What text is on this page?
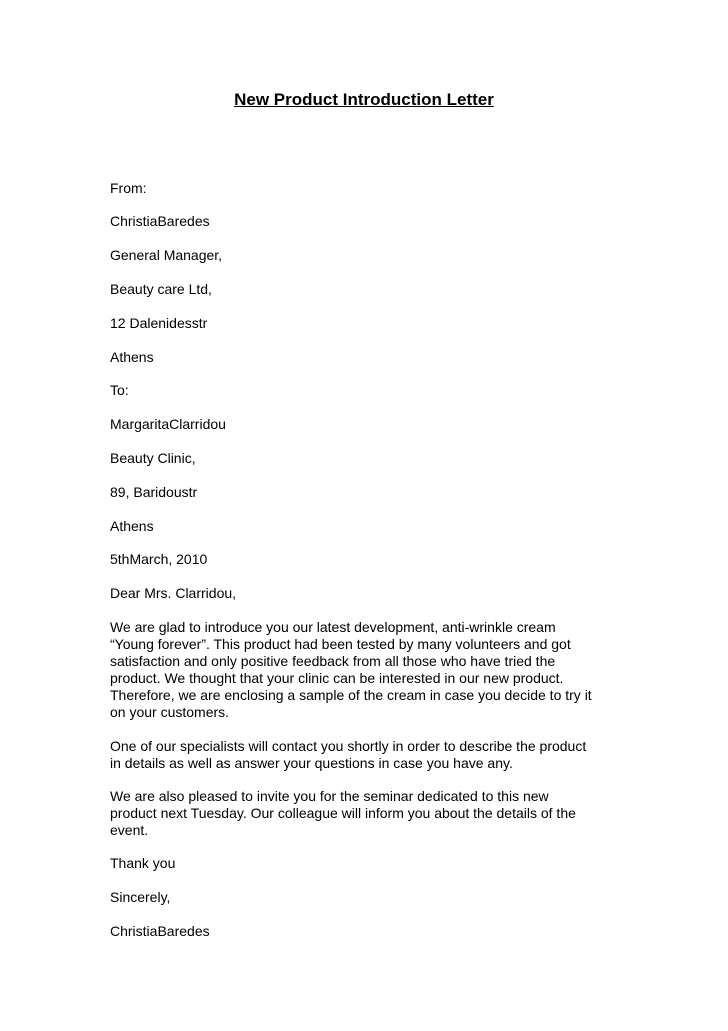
New Product Introduction Letter
From:
ChristiaBaredes
General Manager,
Beauty care Ltd,
12 Dalenidesstr
Athens
To:
MargaritaClarridou
Beauty Clinic,
89, Baridoustr
Athens
5thMarch, 2010
Dear Mrs. Clarridou,
We are glad to introduce you our latest development, anti-wrinkle cream
“Young forever”. This product had been tested by many volunteers and got
satisfaction and only positive feedback from all those who have tried the
product. We thought that your clinic can be interested in our new product.
Therefore, we are enclosing a sample of the cream in case you decide to try it
on your customers.
One of our specialists will contact you shortly in order to describe the product
in details as well as answer your questions in case you have any.
We are also pleased to invite you for the seminar dedicated to this new
product next Tuesday. Our colleague will inform you about the details of the
event.
Thank you
Sincerely,
ChristiaBaredes
